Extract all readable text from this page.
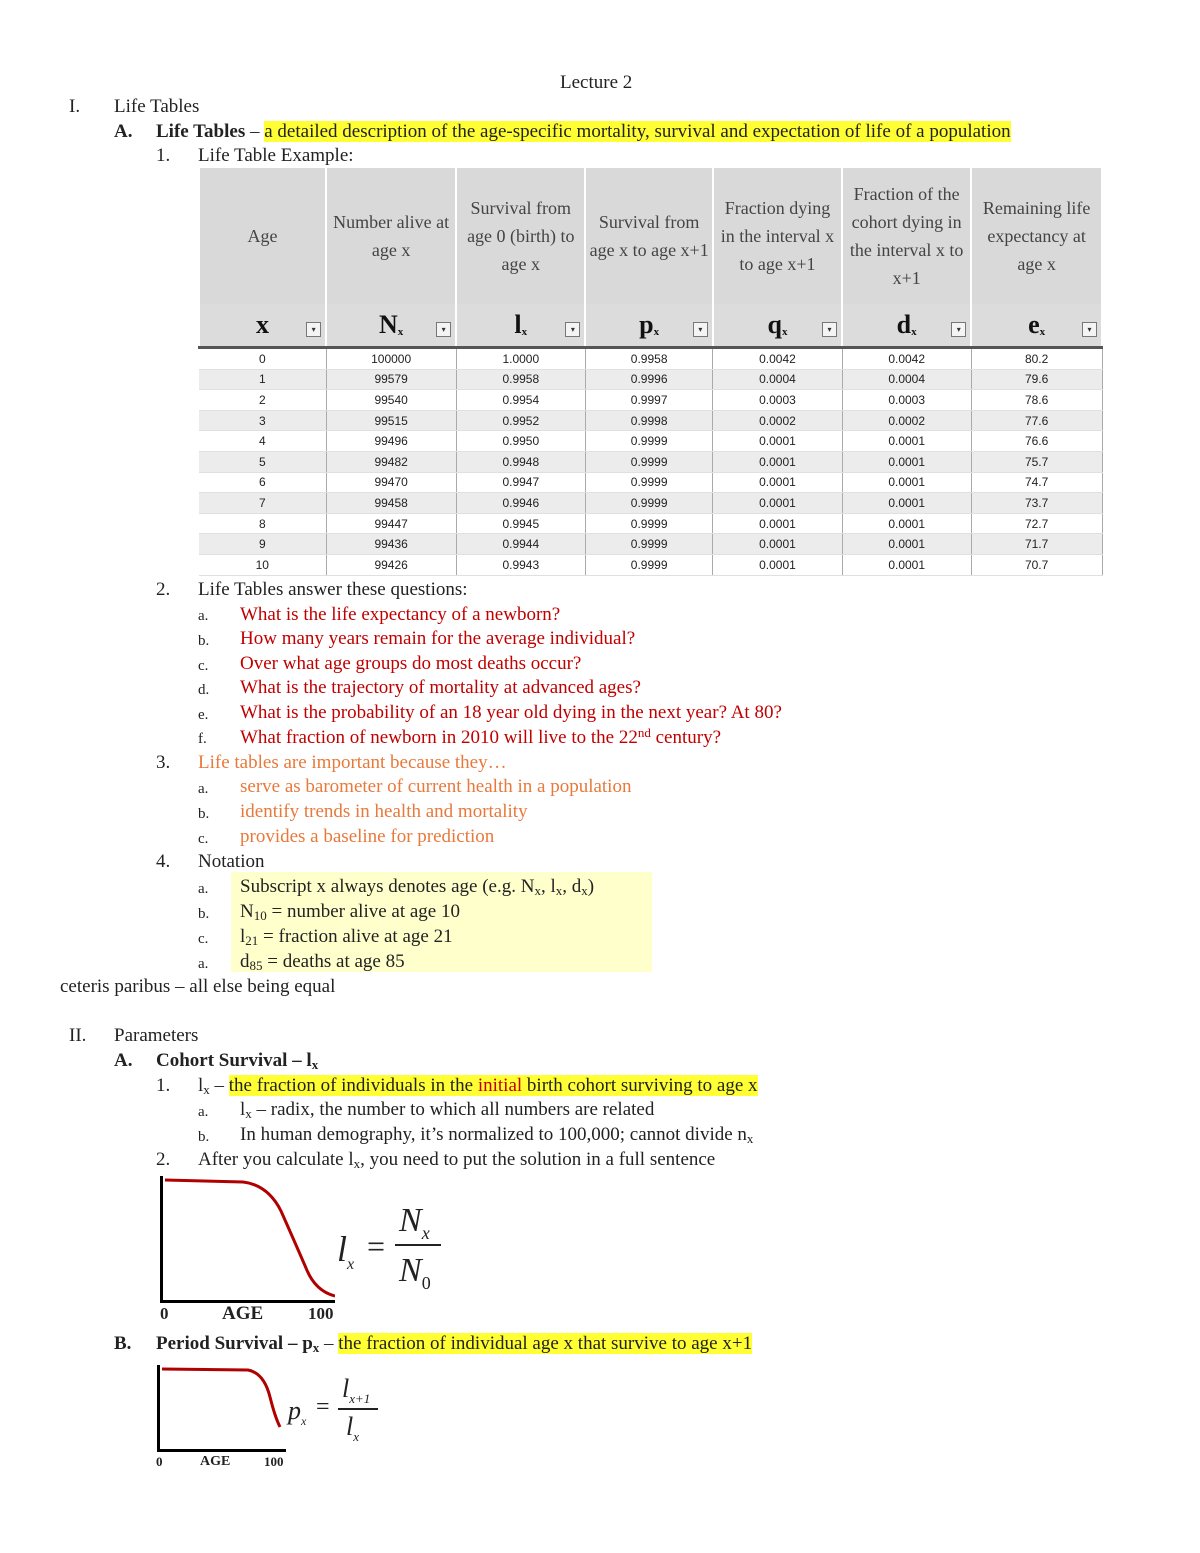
Lecture 2
I. Life Tables
A. Life Tables – a detailed description of the age-specific mortality, survival and expectation of life of a population
1. Life Table Example:
Age	Number alive at age x	Survival from age 0 (birth) to age x	Survival from age x to age x+1	Fraction dying in the interval x to age x+1	Fraction of the cohort dying in the interval x to x+1	Remaining life expectancy at age x
x ▾	$N_x$ ▾	$l_x$ ▾	$p_x$ ▾	$q_x$ ▾	$d_x$ ▾	$e_x$ ▾

0	100000	1.0000	0.9958	0.0042	0.0042	80.2
1	99579	0.9958	0.9996	0.0004	0.0004	79.6
2	99540	0.9954	0.9997	0.0003	0.0003	78.6
3	99515	0.9952	0.9998	0.0002	0.0002	77.6
4	99496	0.9950	0.9999	0.0001	0.0001	76.6
5	99482	0.9948	0.9999	0.0001	0.0001	75.7
6	99470	0.9947	0.9999	0.0001	0.0001	74.7
7	99458	0.9946	0.9999	0.0001	0.0001	73.7
8	99447	0.9945	0.9999	0.0001	0.0001	72.7
9	99436	0.9944	0.9999	0.0001	0.0001	71.7
10	99426	0.9943	0.9999	0.0001	0.0001	70.7
2. Life Tables answer these questions:
a. What is the life expectancy of a newborn?
b. How many years remain for the average individual?
c. Over what age groups do most deaths occur?
d. What is the trajectory of mortality at advanced ages?
e. What is the probability of an 18 year old dying in the next year? At 80?
f. What fraction of newborn in 2010 will live to the 22nd century?
3. Life tables are important because they…
a. serve as barometer of current health in a population
b. identify trends in health and mortality
c. provides a baseline for prediction
4. Notation
a. Subscript x always denotes age (e.g. $N_x$, $l_x$, $d_x$)
b. $N_{10}$ = number alive at age 10
c. $l_{21}$ = fraction alive at age 21
a. $d_{85}$ = deaths at age 85
ceteris paribus – all else being equal
II. Parameters
A. Cohort Survival – $l_x$
1. $l_x$ – the fraction of individuals in the initial birth cohort surviving to age x
a. $l_x$ – radix, the number to which all numbers are related
b. In human demography, it’s normalized to 100,000; cannot divide $n_x$
2. After you calculate $l_x$, you need to put the solution in a full sentence
0	AGE	100
$l_x$
=
$N_x$
$N_0$
B. Period Survival – $p_x$ – the fraction of individual age x that survive to age x+1
0	AGE	100
$p_x$
=
$l_{x+1}$
$l_x$
